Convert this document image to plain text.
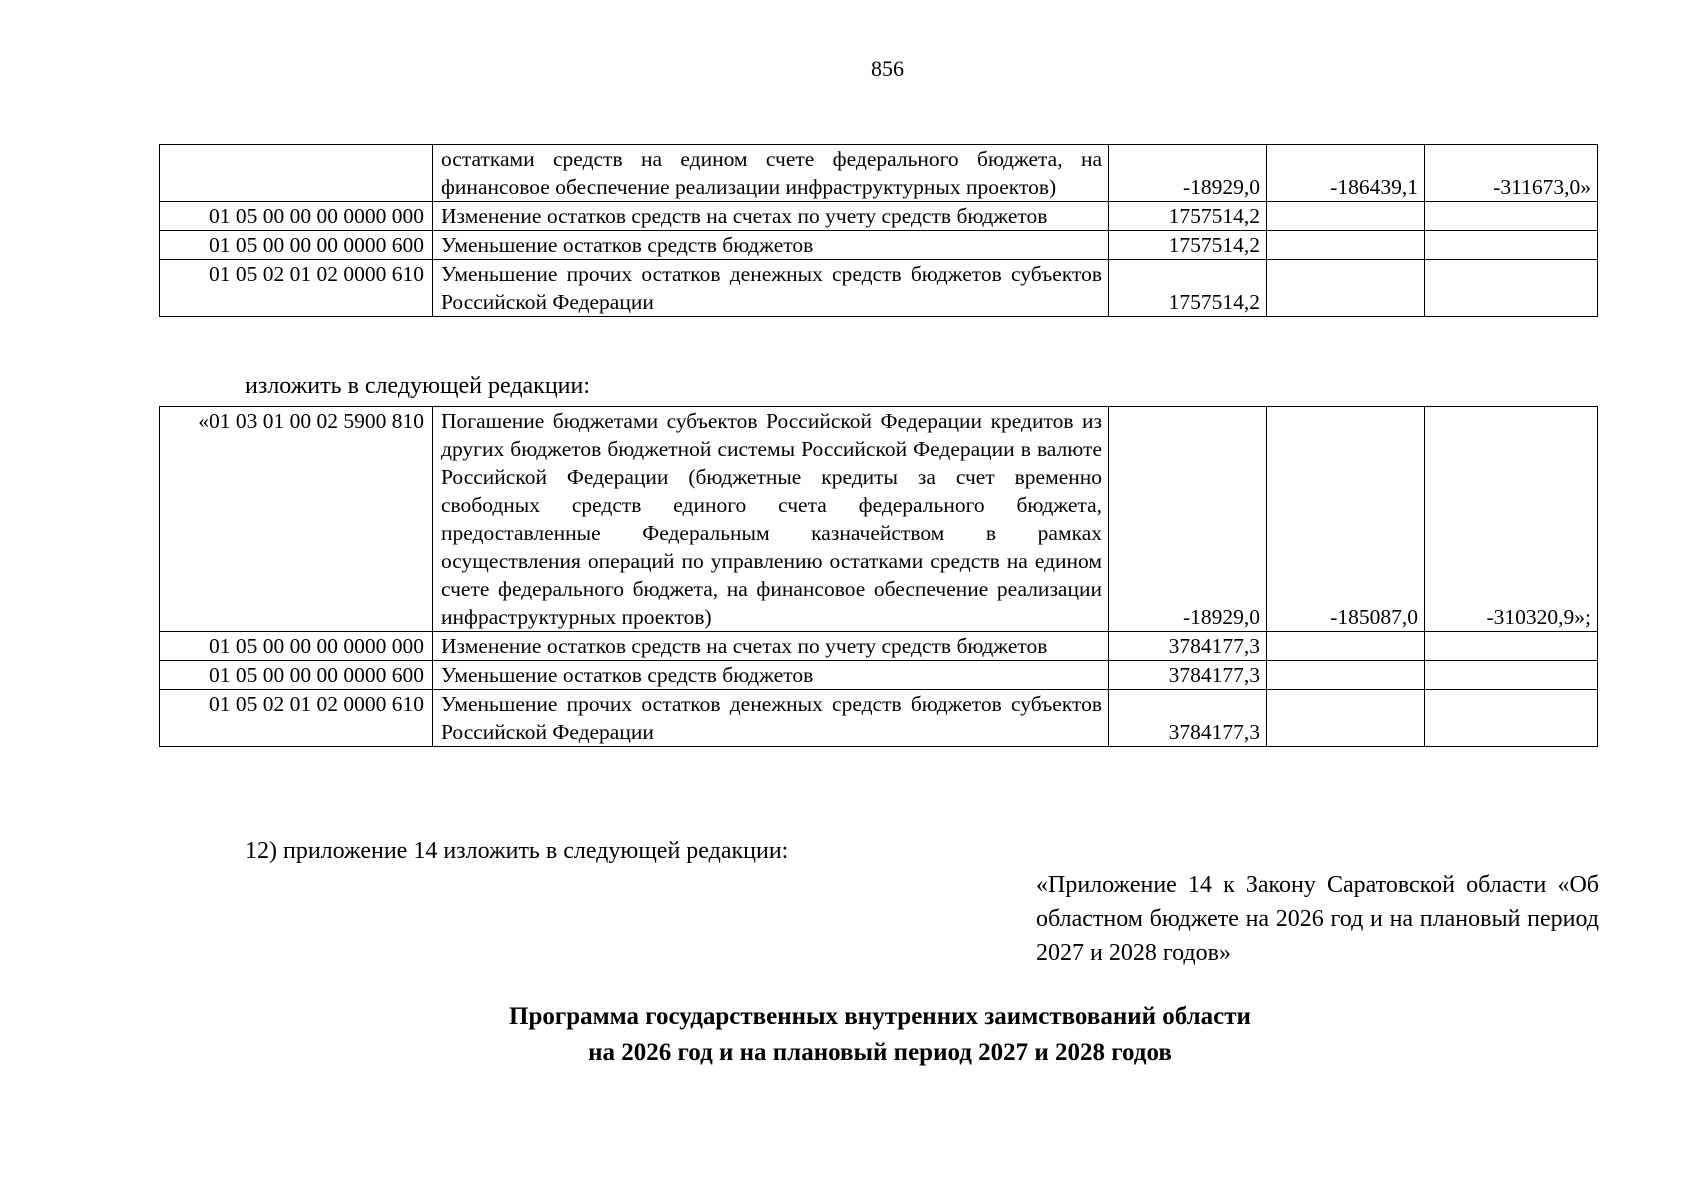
856
	остатками средств на едином счете федерального бюджета, на финансовое обеспечение реализации инфраструктурных проектов)	-18929,0	-186439,1	-311673,0»
01 05 00 00 00 0000 000	Изменение остатков средств на счетах по учету средств бюджетов	1757514,2		
01 05 00 00 00 0000 600	Уменьшение остатков средств бюджетов	1757514,2		
01 05 02 01 02 0000 610	Уменьшение прочих остатков денежных средств бюджетов субъектов Российской Федерации	1757514,2		
изложить в следующей редакции:
«01 03 01 00 02 5900 810	Погашение бюджетами субъектов Российской Федерации кредитов из других бюджетов бюджетной системы Российской Федерации в валюте Российской Федерации (бюджетные кредиты за счет временно свободных средств единого счета федерального бюджета, предоставленные Федеральным казначейством в рамках осуществления операций по управлению остатками средств на едином счете федерального бюджета, на финансовое обеспечение реализации инфраструктурных проектов)	-18929,0	-185087,0	-310320,9»;
01 05 00 00 00 0000 000	Изменение остатков средств на счетах по учету средств бюджетов	3784177,3		
01 05 00 00 00 0000 600	Уменьшение остатков средств бюджетов	3784177,3		
01 05 02 01 02 0000 610	Уменьшение прочих остатков денежных средств бюджетов субъектов Российской Федерации	3784177,3		
12) приложение 14 изложить в следующей редакции:
«Приложение 14 к Закону Саратовской области «Об областном бюджете на 2026 год и на плановый период 2027 и 2028 годов»
Программа государственных внутренних заимствований области
на 2026 год и на плановый период 2027 и 2028 годов
